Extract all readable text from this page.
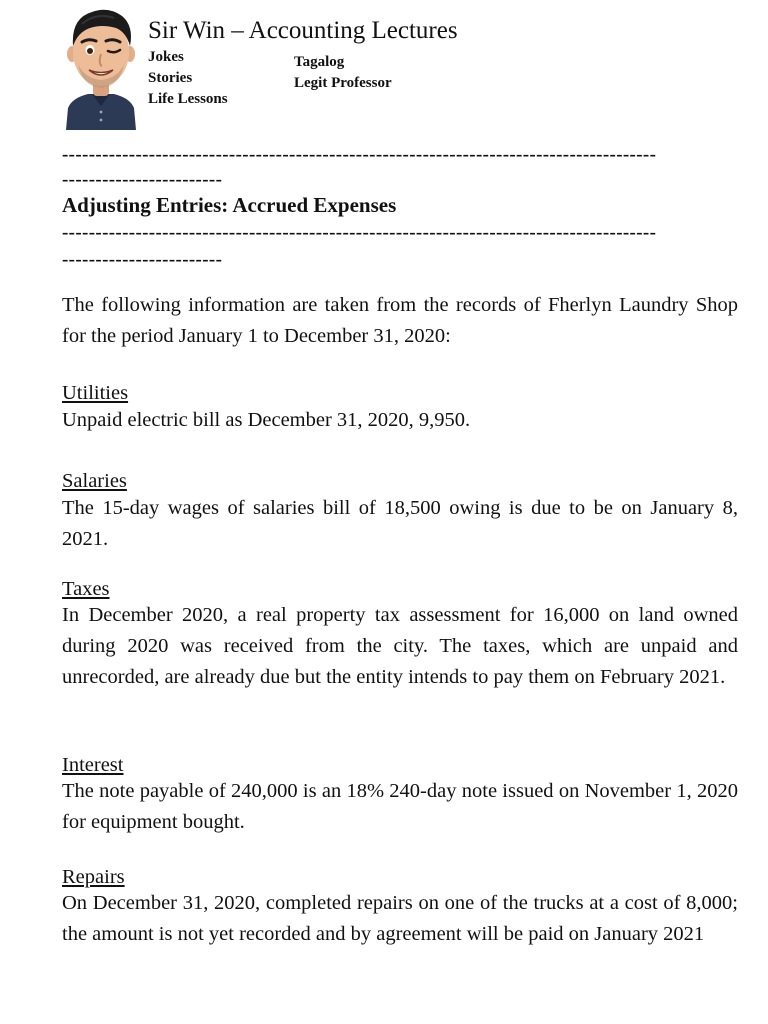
Sir Win – Accounting Lectures
Jokes
Stories
Life Lessons
Tagalog
Legit Professor
-----------------------------------------------------------------------------------------
------------------------
Adjusting Entries: Accrued Expenses
-----------------------------------------------------------------------------------------
------------------------
The following information are taken from the records of Fherlyn Laundry Shop for the period January 1 to December 31, 2020:
Utilities
Unpaid electric bill as December 31, 2020, 9,950.
Salaries
The 15-day wages of salaries bill of 18,500 owing is due to be on January 8, 2021.
Taxes
In December 2020, a real property tax assessment for 16,000 on land owned during 2020 was received from the city. The taxes, which are unpaid and unrecorded, are already due but the entity intends to pay them on February 2021.
Interest
The note payable of 240,000 is an 18% 240-day note issued on November 1, 2020 for equipment bought.
Repairs
On December 31, 2020, completed repairs on one of the trucks at a cost of 8,000; the amount is not yet recorded and by agreement will be paid on January 2021
